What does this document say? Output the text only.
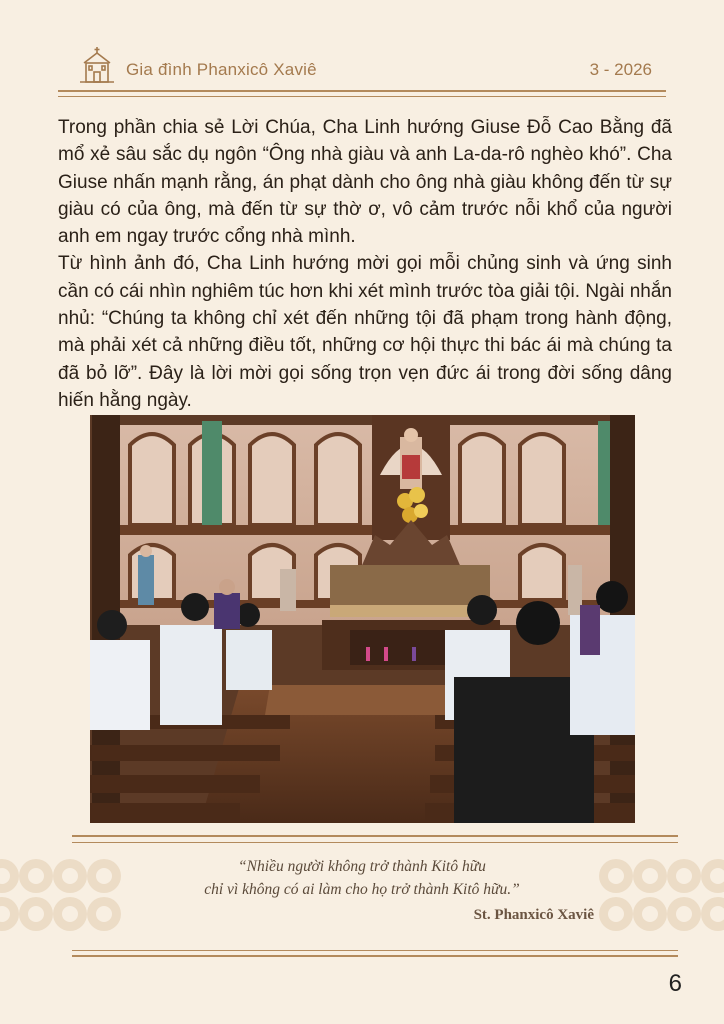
Gia đình Phanxicô Xaviê	3 - 2026

Trong phần chia sẻ Lời Chúa, Cha Linh hướng Giuse Đỗ Cao Bằng đã mổ xẻ sâu sắc dụ ngôn “Ông nhà giàu và anh La-da-rô nghèo khó”. Cha Giuse nhấn mạnh rằng, án phạt dành cho ông nhà giàu không đến từ sự giàu có của ông, mà đến từ sự thờ ơ, vô cảm trước nỗi khổ của người anh em ngay trước cổng nhà mình.

Từ hình ảnh đó, Cha Linh hướng mời gọi mỗi chủng sinh và ứng sinh cần có cái nhìn nghiêm túc hơn khi xét mình trước tòa giải tội. Ngài nhắn nhủ: “Chúng ta không chỉ xét đến những tội đã phạm trong hành động, mà phải xét cả những điều tốt, những cơ hội thực thi bác ái mà chúng ta đã bỏ lỡ”. Đây là lời mời gọi sống trọn vẹn đức ái trong đời sống dâng hiến hằng ngày.

“Nhiều người không trở thành Kitô hữu
chỉ vì không có ai làm cho họ trở thành Kitô hữu.”
St. Phanxicô Xaviê
6
